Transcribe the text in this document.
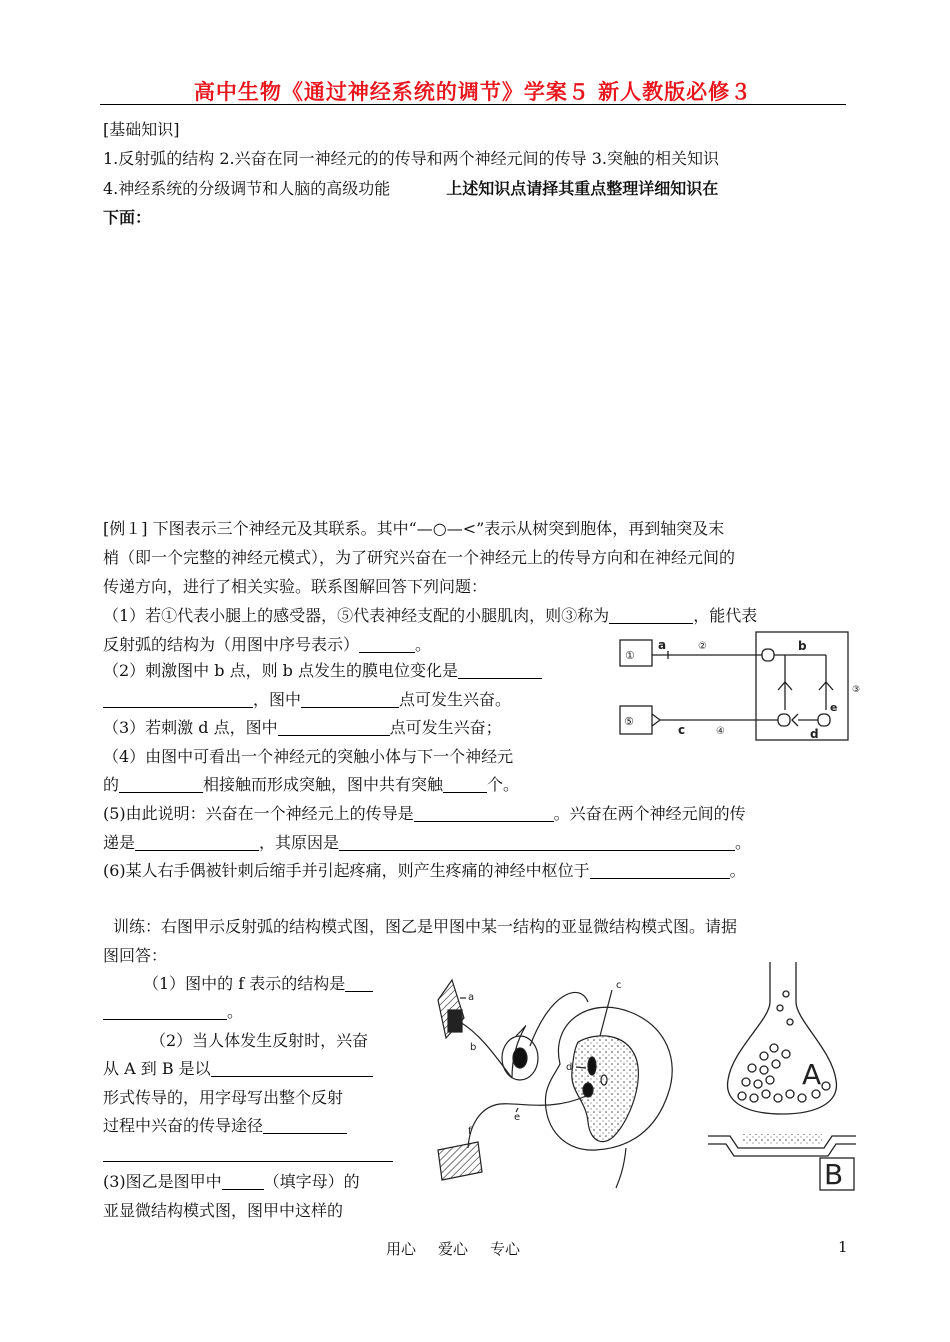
高中生物《通过神经系统的调节》学案５ 新人教版必修３
[基础知识]
1.反射弧的结构 2.兴奋在同一神经元的的传导和两个神经元间的传导 3.突触的相关知识
4.神经系统的分级调节和人脑的高级功能	上述知识点请择其重点整理详细知识在
下面：
[例１] 下图表示三个神经元及其联系。其中“—○—<”表示从树突到胞体，再到轴突及末
梢（即一个完整的神经元模式），为了研究兴奋在一个神经元上的传导方向和在神经元间的
传递方向，进行了相关实验。联系图解回答下列问题：
（1）若①代表小腿上的感受器，⑤代表神经支配的小腿肌肉，则③称为	，能代表
反射弧的结构为（用图中序号表示）	。
（2）刺激图中 b 点，则 b 点发生的膜电位变化是
，图中	点可发生兴奋。
（3）若刺激 d 点，图中	点可发生兴奋；
（4）由图中可看出一个神经元的突触小体与下一个神经元
的	相接触而形成突触，图中共有突触	个。
(5)由此说明：兴奋在一个神经元上的传导是	。兴奋在两个神经元间的传
递是	，其原因是	。
(6)某人右手偶被针刺后缩手并引起疼痛，则产生疼痛的神经中枢位于	。
①
a	②	b
③
⑤
c	④	d
e
训练：右图甲示反射弧的结构模式图，图乙是甲图中某一结构的亚显微结构模式图。请据
图回答：
（1）图中的 f 表示的结构是
。
（2）当人体发生反射时，兴奋
从 A 到 B 是以
形式传导的，用字母写出整个反射
过程中兴奋的传导途径
(3)图乙是图甲中	（填字母）的
亚显微结构模式图，图甲中这样的
a
b
c
d
e
f
A
B
用心 爱心 专心	1
